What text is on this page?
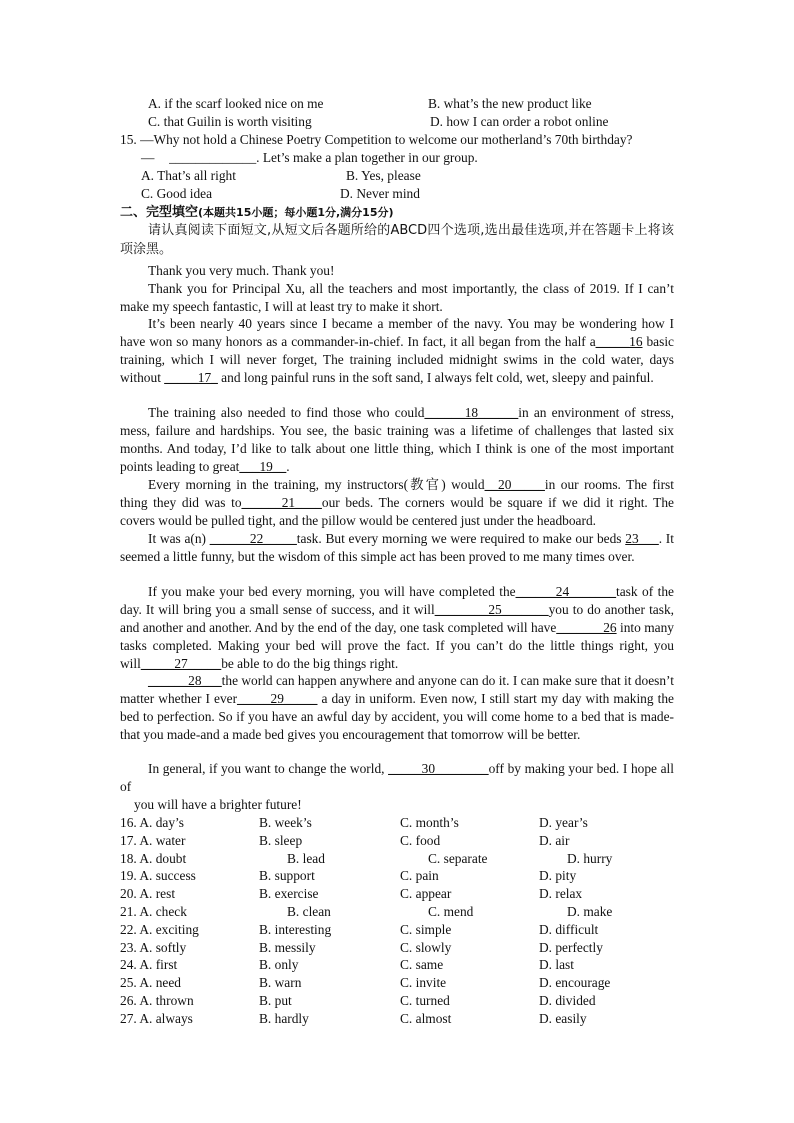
A. if the scarf looked nice on me	B. what’s the new product like
C. that Guilin is worth visiting	D. how I can order a robot online
15. —Why not hold a Chinese Poetry Competition to welcome our motherland’s 70th birthday?
— _____________. Let’s make a plan together in our group.
A. That’s all right	B. Yes, please
C. Good idea	D. Never mind
二、完型填空(本题共15小题；每小题1分,满分15分)
请认真阅读下面短文,从短文后各题所给的ABCD四个选项,选出最佳选项,并在答题卡上将该项涂黑。
Thank you very much. Thank you!
Thank you for Principal Xu, all the teachers and most importantly, the class of 2019. If I can’t make my speech fantastic, I will at least try to make it short.
It’s been nearly 40 years since I became a member of the navy. You may be wondering how I have won so many honors as a commander-in-chief. In fact, it all began from the half a_____16 basic training, which I will never forget, The training included midnight swims in the cold water, days without _____17_ and long painful runs in the soft sand, I always felt cold, wet, sleepy and painful.
The training also needed to find those who could______18______in an environment of stress, mess, failure and hardships. You see, the basic training was a lifetime of challenges that lasted six months. And today, I’d like to talk about one little thing, which I think is one of the most important points leading to great___19__.
Every morning in the training, my instructors(教官) would__20_____in our rooms. The first thing they did was to______21____our beds. The corners would be square if we did it right. The covers would be pulled tight, and the pillow would be centered just under the headboard.
It was a(n) ______22_____task. But every morning we were required to make our beds 23___. It seemed a little funny, but the wisdom of this simple act has been proved to me many times over.
If you make your bed every morning, you will have completed the______24_______task of the day. It will bring you a small sense of success, and it will________25_______you to do another task, and another and another. And by the end of the day, one task completed will have_______26 into many tasks completed. Making your bed will prove the fact. If you can’t do the little things right, you will_____27_____be able to do the big things right.
______28___the world can happen anywhere and anyone can do it. I can make sure that it doesn’t matter whether I ever_____29_____ a day in uniform. Even now, I still start my day with making the bed to perfection. So if you have an awful day by accident, you will come home to a bed that is made-that you made-and a made bed gives you encouragement that tomorrow will be better.
In general, if you want to change the world, _____30________off by making your bed. I hope all of
you will have a brighter future!
16. A. day’s	B. week’s	C. month’s	D. year’s
17. A. water	B. sleep	C. food	D. air
18. A. doubt	B. lead	C. separate	D. hurry
19. A. success	B. support	C. pain	D. pity
20. A. rest	B. exercise	C. appear	D. relax
21. A. check	B. clean	C. mend	D. make
22. A. exciting	B. interesting	C. simple	D. difficult
23. A. softly	B. messily	C. slowly	D. perfectly
24. A. first	B. only	C. same	D. last
25. A. need	B. warn	C. invite	D. encourage
26. A. thrown	B. put	C. turned	D. divided
27. A. always	B. hardly	C. almost	D. easily
